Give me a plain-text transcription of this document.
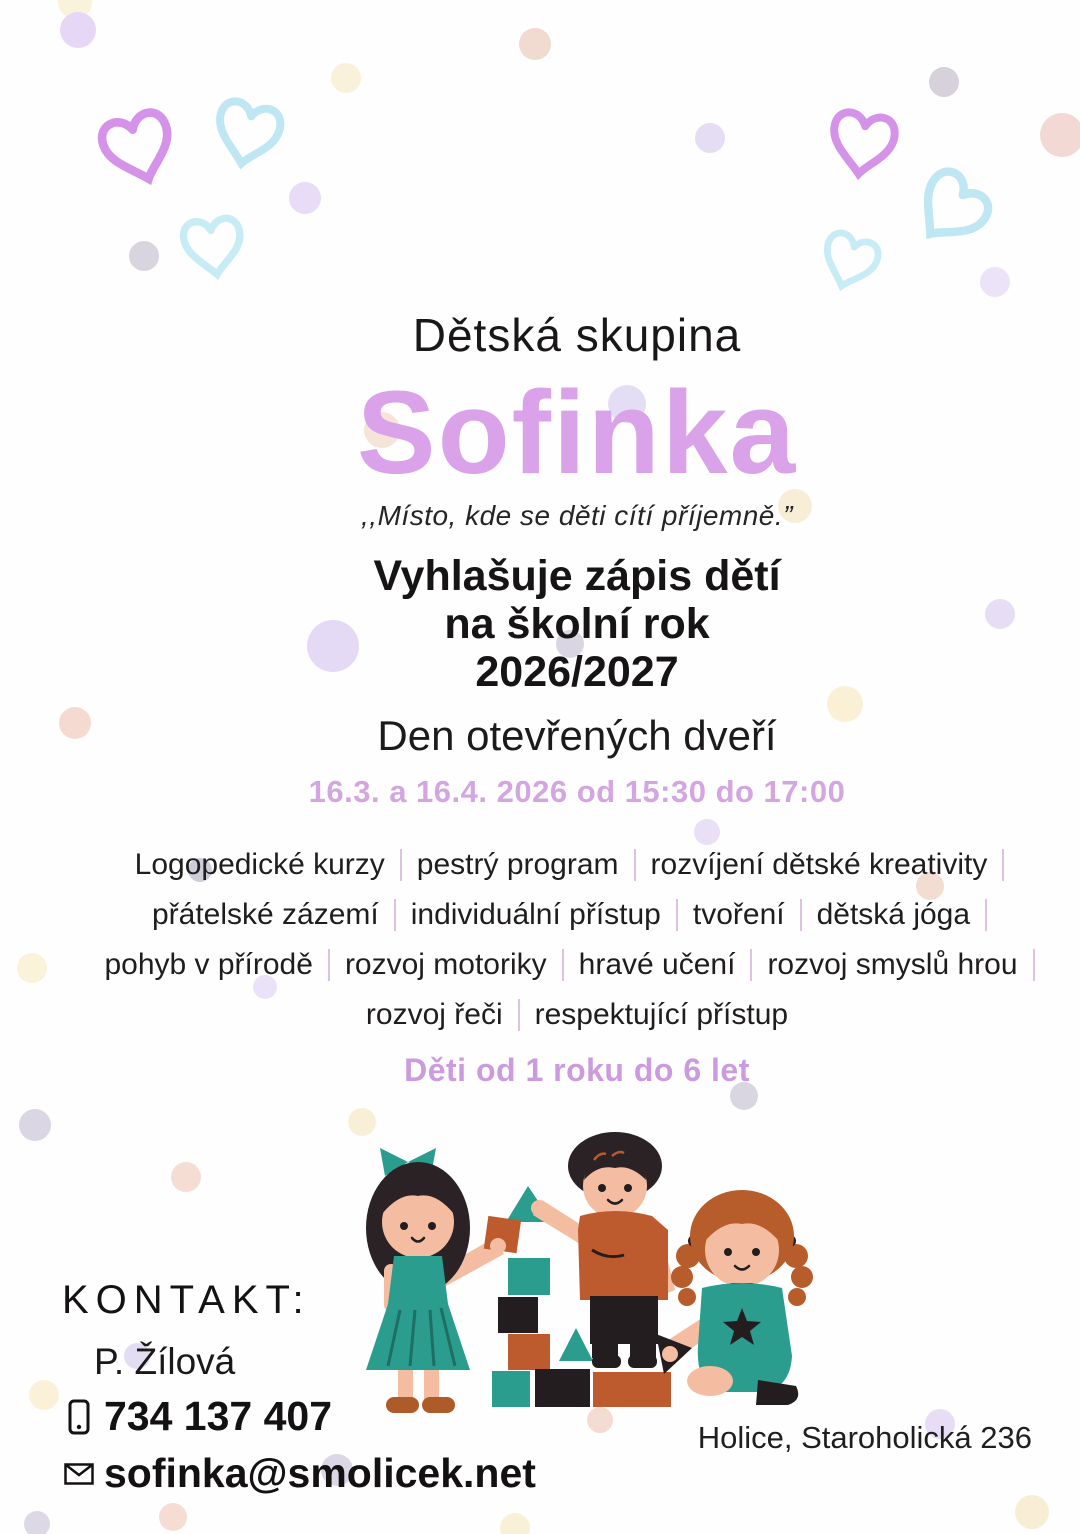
Dětská skupina
Sofinka
,,Místo, kde se děti cítí příjemně.”
Vyhlašuje zápis dětí
na školní rok
2026/2027
Den otevřených dveří
16.3. a 16.4. 2026 od 15:30 do 17:00
Logopedické kurzy pestrý program rozvíjení dětské kreativity
přátelské zázemí individuální přístup tvoření dětská jóga
pohyb v přírodě rozvoj motoriky hravé učení rozvoj smyslů hrou
rozvoj řeči respektující přístup
Děti od 1 roku do 6 let
KONTAKT:
P. Žílová
734 137 407
sofinka@smolicek.net
Holice, Staroholická 236
